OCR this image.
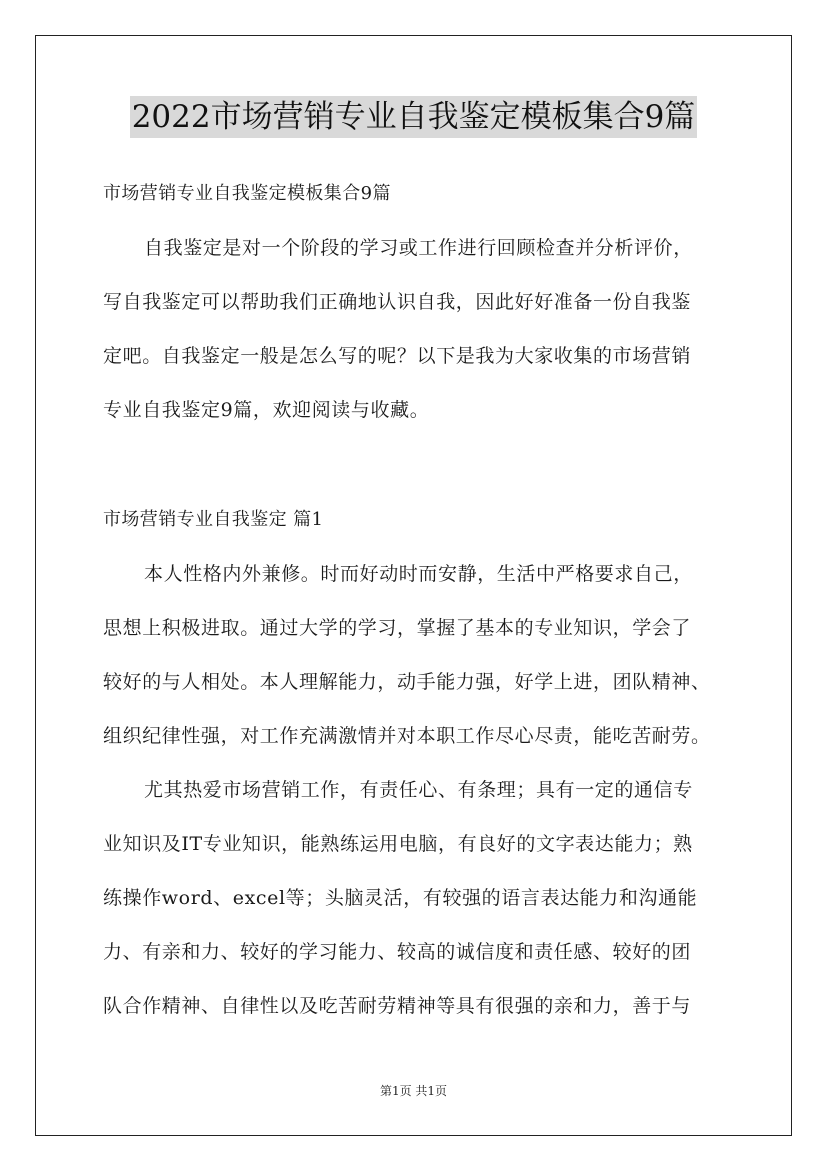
2022市场营销专业自我鉴定模板集合9篇
市场营销专业自我鉴定模板集合9篇
自我鉴定是对一个阶段的学习或工作进行回顾检查并分析评价，
写自我鉴定可以帮助我们正确地认识自我，因此好好准备一份自我鉴
定吧。自我鉴定一般是怎么写的呢？以下是我为大家收集的市场营销
专业自我鉴定9篇，欢迎阅读与收藏。
市场营销专业自我鉴定 篇1
本人性格内外兼修。时而好动时而安静，生活中严格要求自己，
思想上积极进取。通过大学的学习，掌握了基本的专业知识，学会了
较好的与人相处。本人理解能力，动手能力强，好学上进，团队精神、
组织纪律性强，对工作充满激情并对本职工作尽心尽责，能吃苦耐劳。
尤其热爱市场营销工作，有责任心、有条理；具有一定的通信专
业知识及IT专业知识，能熟练运用电脑，有良好的文字表达能力；熟
练操作word、excel等；头脑灵活，有较强的语言表达能力和沟通能
力、有亲和力、较好的学习能力、较高的诚信度和责任感、较好的团
队合作精神、自律性以及吃苦耐劳精神等具有很强的亲和力，善于与
第1页 共1页
